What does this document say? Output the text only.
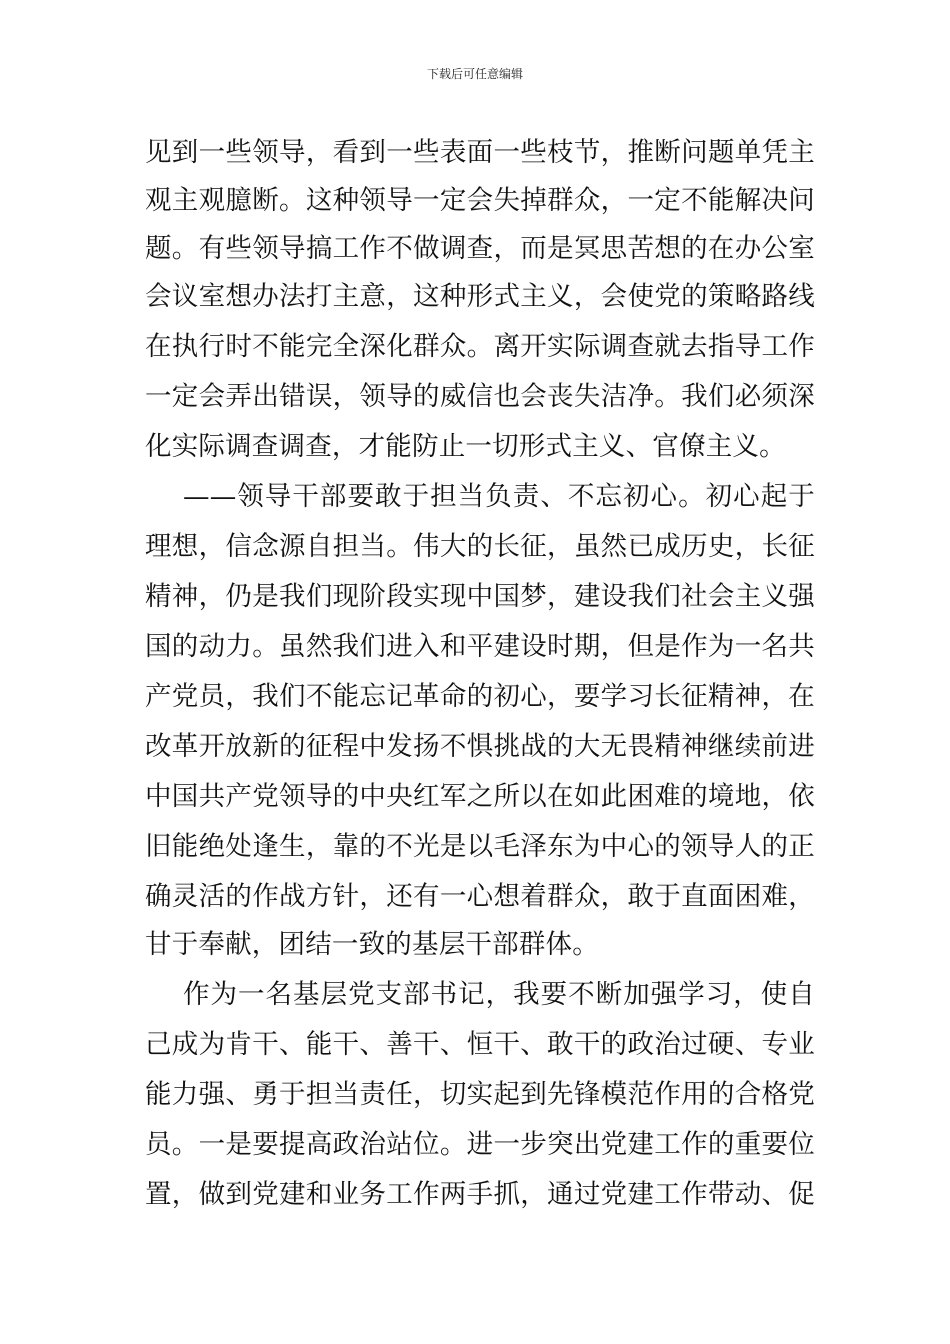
下载后可任意编辑
见到一些领导，看到一些表面一些枝节，推断问题单凭主
观主观臆断。这种领导一定会失掉群众，一定不能解决问
题。有些领导搞工作不做调查，而是冥思苦想的在办公室
会议室想办法打主意，这种形式主义，会使党的策略路线
在执行时不能完全深化群众。离开实际调查就去指导工作
一定会弄出错误，领导的威信也会丧失洁净。我们必须深
化实际调查调查，才能防止一切形式主义、官僚主义。
——领导干部要敢于担当负责、不忘初心。初心起于
理想，信念源自担当。伟大的长征，虽然已成历史，长征
精神，仍是我们现阶段实现中国梦，建设我们社会主义强
国的动力。虽然我们进入和平建设时期，但是作为一名共
产党员，我们不能忘记革命的初心，要学习长征精神，在
改革开放新的征程中发扬不惧挑战的大无畏精神继续前进
中国共产党领导的中央红军之所以在如此困难的境地，依
旧能绝处逢生，靠的不光是以毛泽东为中心的领导人的正
确灵活的作战方针，还有一心想着群众，敢于直面困难，
甘于奉献，团结一致的基层干部群体。
作为一名基层党支部书记，我要不断加强学习，使自
己成为肯干、能干、善干、恒干、敢干的政治过硬、专业
能力强、勇于担当责任，切实起到先锋模范作用的合格党
员。一是要提高政治站位。进一步突出党建工作的重要位
置，做到党建和业务工作两手抓，通过党建工作带动、促
